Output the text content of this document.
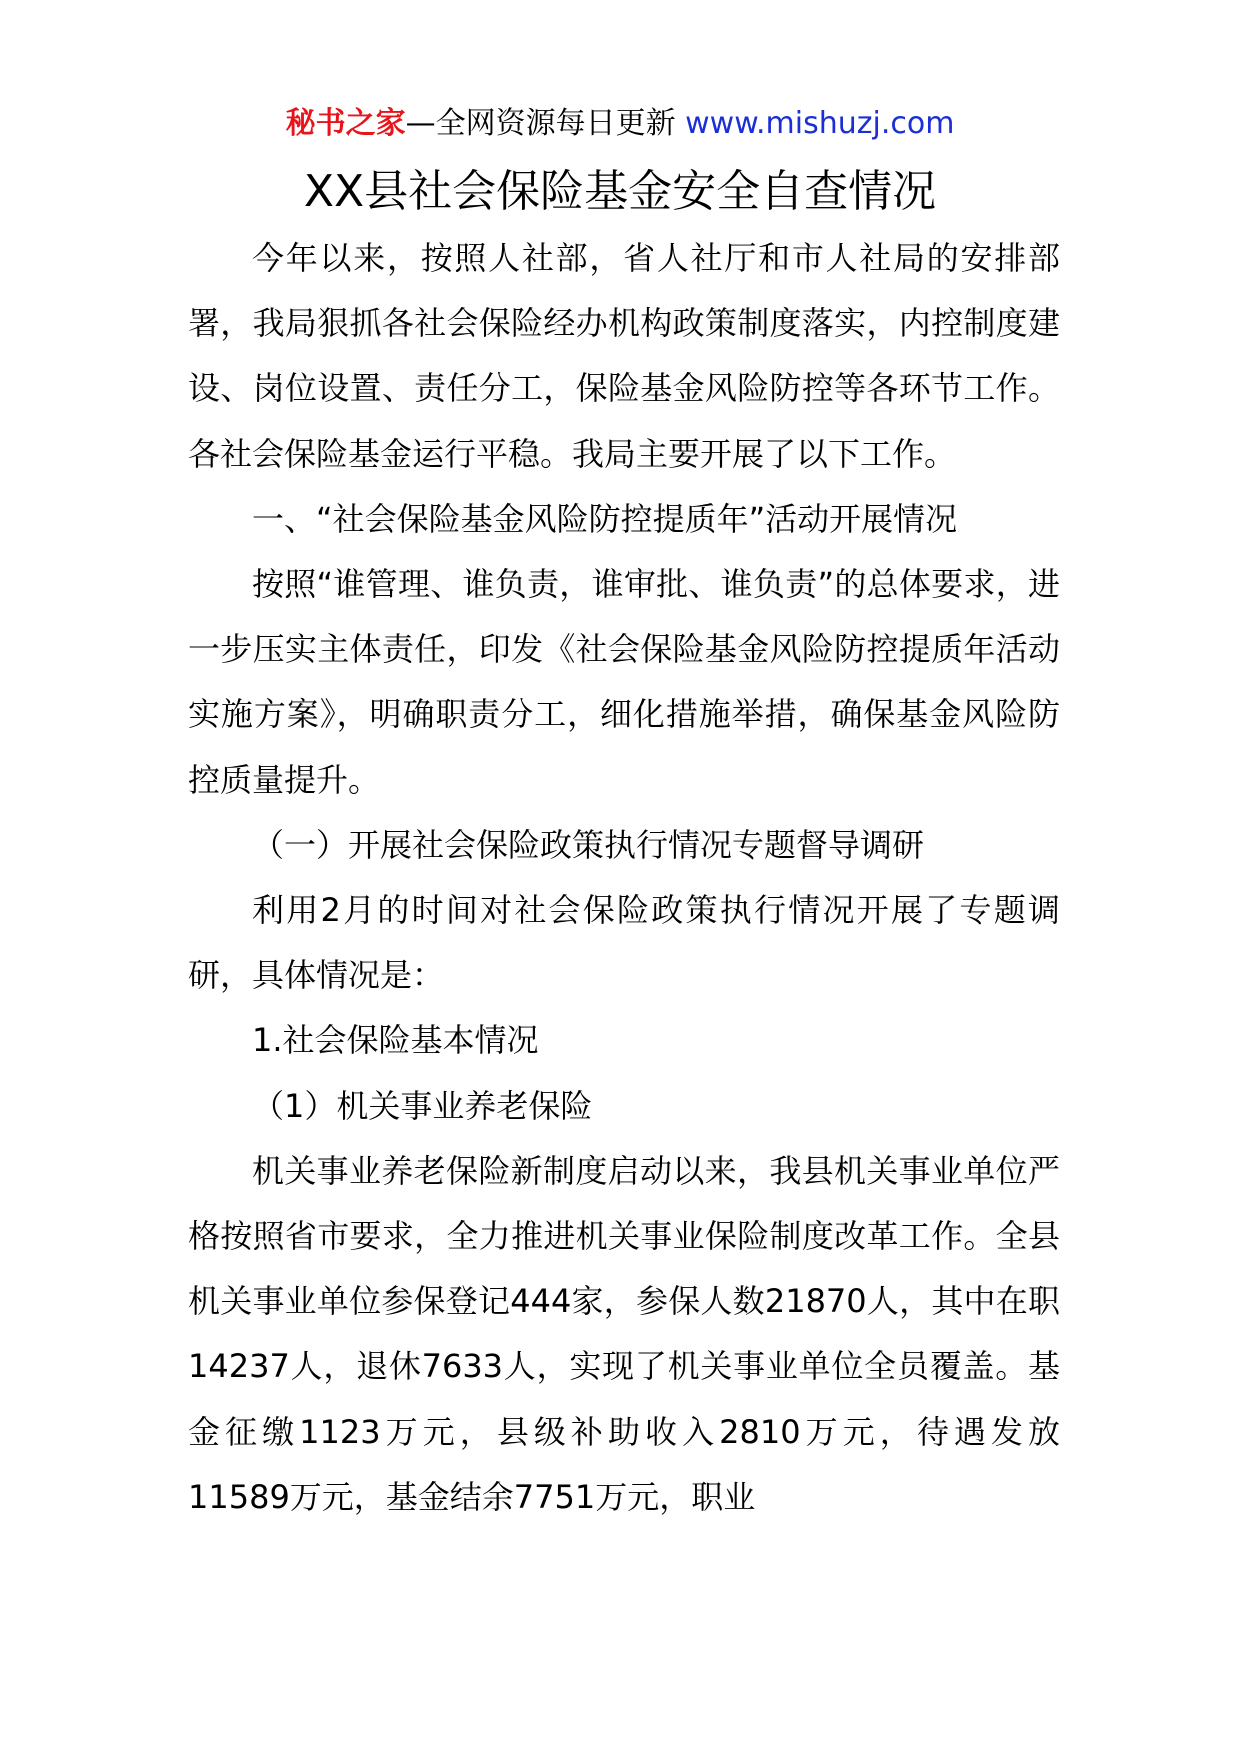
秘书之家—全网资源每日更新 www.mishuzj.com
XX县社会保险基金安全自查情况

今年以来，按照人社部，省人社厅和市人社局的安排部署，我局狠抓各社会保险经办机构政策制度落实，内控制度建设、岗位设置、责任分工，保险基金风险防控等各环节工作。各社会保险基金运行平稳。我局主要开展了以下工作。

一、“社会保险基金风险防控提质年”活动开展情况

按照“谁管理、谁负责，谁审批、谁负责”的总体要求，进一步压实主体责任，印发《社会保险基金风险防控提质年活动实施方案》，明确职责分工，细化措施举措，确保基金风险防控质量提升。

（一）开展社会保险政策执行情况专题督导调研

利用2月的时间对社会保险政策执行情况开展了专题调研，具体情况是：

1.社会保险基本情况

（1）机关事业养老保险

机关事业养老保险新制度启动以来，我县机关事业单位严格按照省市要求，全力推进机关事业保险制度改革工作。全县机关事业单位参保登记444家，参保人数21870人，其中在职14237人，退休7633人，实现了机关事业单位全员覆盖。基金征缴1123万元，县级补助收入2810万元，待遇发放11589万元，基金结余7751万元，职业
